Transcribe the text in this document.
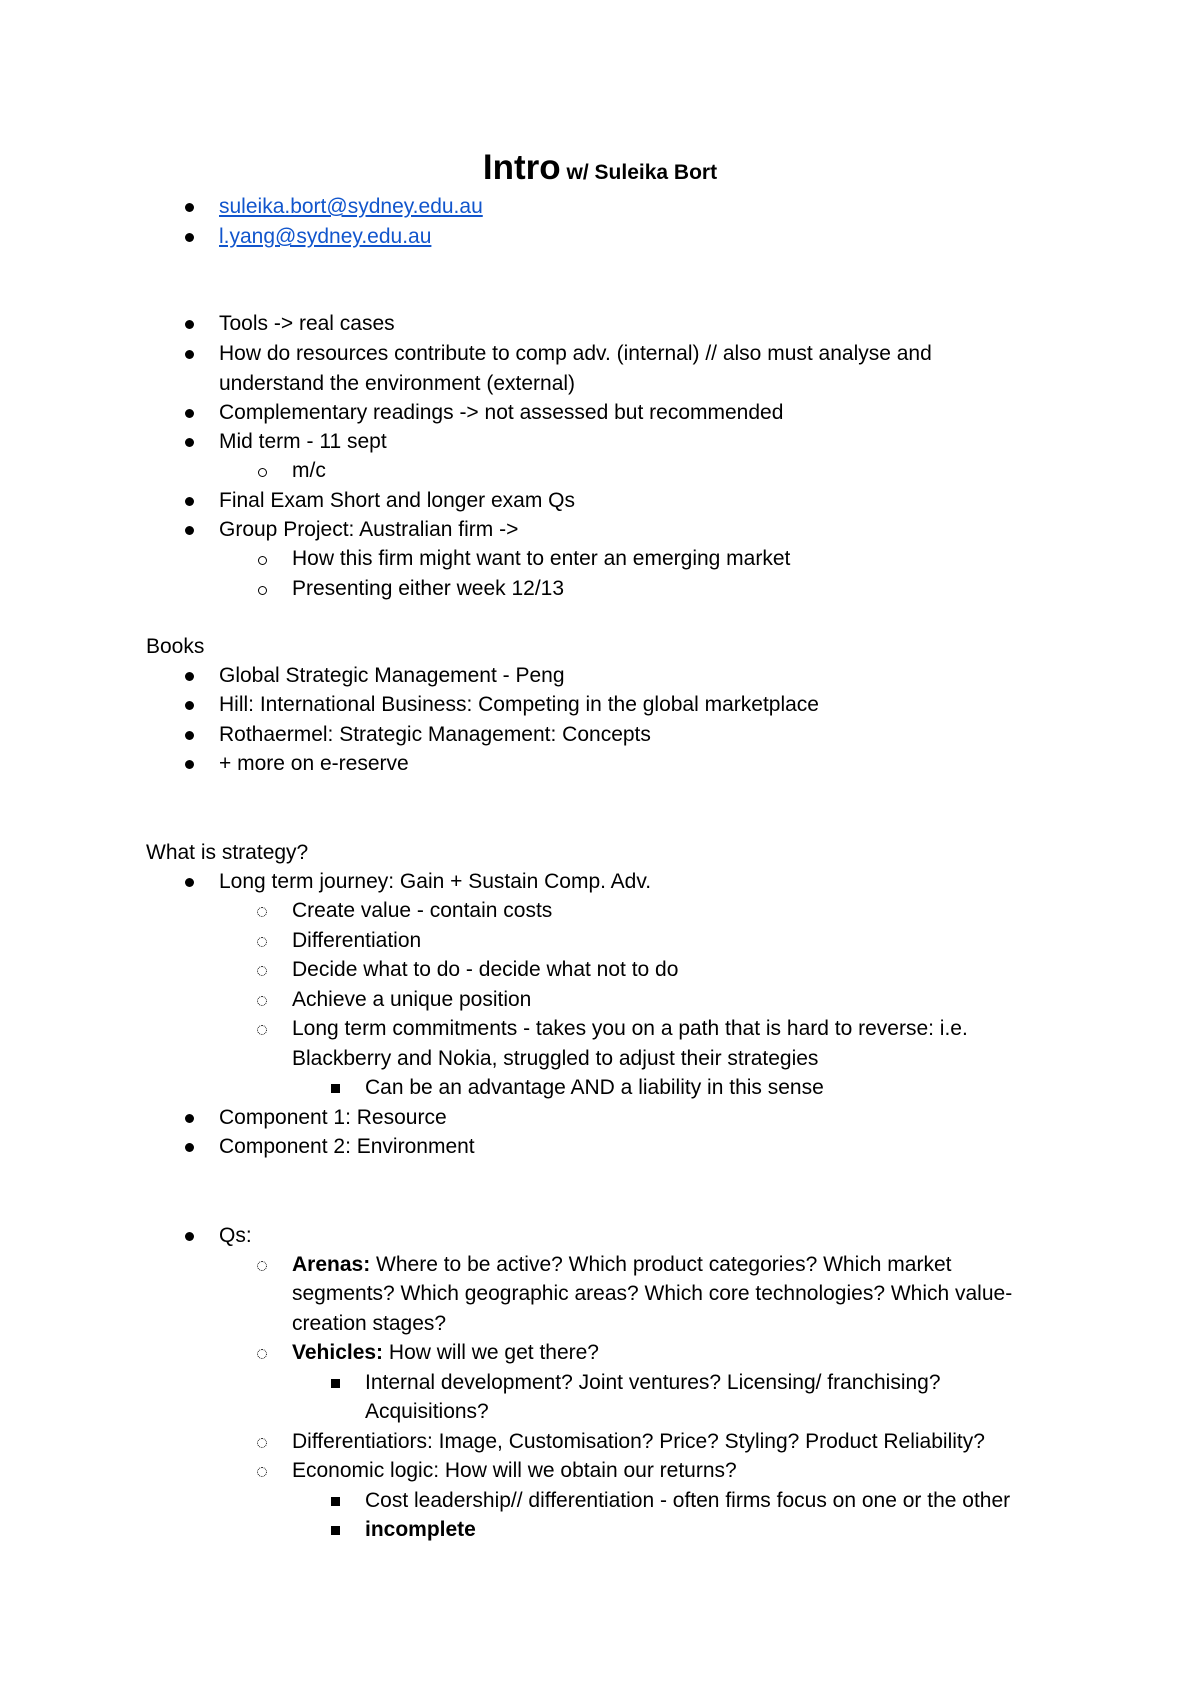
Intro w/ Suleika Bort
suleika.bort@sydney.edu.au
l.yang@sydney.edu.au
Tools -> real cases
How do resources contribute to comp adv. (internal) // also must analyse and
understand the environment (external)
Complementary readings -> not assessed but recommended
Mid term - 11 sept
m/c
Final Exam Short and longer exam Qs
Group Project: Australian firm ->
How this firm might want to enter an emerging market
Presenting either week 12/13
Books
Global Strategic Management - Peng
Hill: International Business: Competing in the global marketplace
Rothaermel: Strategic Management: Concepts
+ more on e-reserve
What is strategy?
Long term journey: Gain + Sustain Comp. Adv.
Create value - contain costs
Differentiation
Decide what to do - decide what not to do
Achieve a unique position
Long term commitments - takes you on a path that is hard to reverse: i.e.
Blackberry and Nokia, struggled to adjust their strategies
Can be an advantage AND a liability in this sense
Component 1: Resource
Component 2: Environment
Qs:
Arenas: Where to be active? Which product categories? Which market
segments? Which geographic areas? Which core technologies? Which value-
creation stages?
Vehicles: How will we get there?
Internal development? Joint ventures? Licensing/ franchising?
Acquisitions?
Differentiatiors: Image, Customisation? Price? Styling? Product Reliability?
Economic logic: How will we obtain our returns?
Cost leadership// differentiation - often firms focus on one or the other
incomplete
